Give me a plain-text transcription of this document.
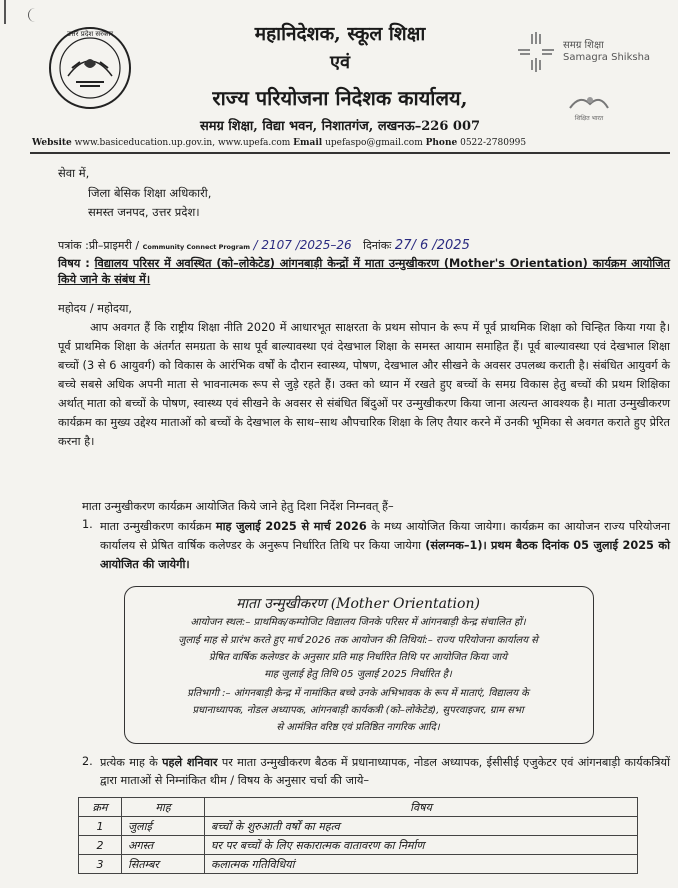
उत्तर प्रदेश सरकार	महानिदेशक, स्कूल शिक्षा
एवं
राज्य परियोजना निदेशक कार्यालय,
समग्र शिक्षा, विद्या भवन, निशातगंज, लखनऊ–226 007
समग्र शिक्षा
Samagra Shiksha
शिक्षित भारत
Website www.basiceducation.up.gov.in, www.upefa.com Email upefaspo@gmail.com Phone 0522-2780995
सेवा में,
जिला बेसिक शिक्षा अधिकारी,
समस्त जनपद, उत्तर प्रदेश।
पत्रांक :प्री–प्राइमरी / Community Connect Program / 2107 /2025–26 दिनांकः 27/ 6 /2025
विषय : विद्यालय परिसर में अवस्थित (को–लोकेटेड) आंगनबाड़ी केन्द्रों में माता उन्मुखीकरण (Mother's Orientation) कार्यक्रम आयोजित किये जाने के संबंध में।
महोदय / महोदया,
आप अवगत हैं कि राष्ट्रीय शिक्षा नीति 2020 में आधारभूत साक्षरता के प्रथम सोपान के रूप में पूर्व प्राथमिक शिक्षा को चिन्हित किया गया है। पूर्व प्राथमिक शिक्षा के अंतर्गत समग्रता के साथ पूर्व बाल्यावस्था एवं देखभाल शिक्षा के समस्त आयाम समाहित हैं। पूर्व बाल्यावस्था एवं देखभाल शिक्षा बच्चों (3 से 6 आयुवर्ग) को विकास के आरंभिक वर्षों के दौरान स्वास्थ्य, पोषण, देखभाल और सीखने के अवसर उपलब्ध कराती है। संबंधित आयुवर्ग के बच्चे सबसे अधिक अपनी माता से भावनात्मक रूप से जुड़े रहते हैं। उक्त को ध्यान में रखते हुए बच्चों के समग्र विकास हेतु बच्चों की प्रथम शिक्षिका अर्थात् माता को बच्चों के पोषण, स्वास्थ्य एवं सीखने के अवसर से संबंधित बिंदुओं पर उन्मुखीकरण किया जाना अत्यन्त आवश्यक है। माता उन्मुखीकरण कार्यक्रम का मुख्य उद्देश्य माताओं को बच्चों के देखभाल के साथ–साथ औपचारिक शिक्षा के लिए तैयार करने में उनकी भूमिका से अवगत कराते हुए प्रेरित करना है।
माता उन्मुखीकरण कार्यक्रम आयोजित किये जाने हेतु दिशा निर्देश निम्नवत् हैं–
माता उन्मुखीकरण कार्यक्रम माह जुलाई 2025 से मार्च 2026 के मध्य आयोजित किया जायेगा। कार्यक्रम का आयोजन राज्य परियोजना कार्यालय से प्रेषित वार्षिक कलेण्डर के अनुरूप निर्धारित तिथि पर किया जायेगा (संलग्नक–1)। प्रथम बैठक दिनांक 05 जुलाई 2025 को आयोजित की जायेगी।
1.
माता उन्मुखीकरण (Mother Orientation)
आयोजन स्थल:– प्राथमिक/कम्पोजिट विद्यालय जिनके परिसर में आंगनबाड़ी केन्द्र संचालित हों।
जुलाई माह से प्रारंभ करते हुए मार्च 2026 तक आयोजन की तिथियां:– राज्य परियोजना कार्यालय से
प्रेषित वार्षिक कलेण्डर के अनुसार प्रति माह निर्धारित तिथि पर आयोजित किया जाये
माह जुलाई हेतु तिथि 05 जुलाई 2025 निर्धारित है।
प्रतिभागी :– आंगनबाड़ी केन्द्र में नामांकित बच्चे उनके अभिभावक के रूप में माताएं, विद्यालय के
प्रधानाध्यापक, नोडल अध्यापक, आंगनबाड़ी कार्यकत्री (को–लोकेटेड), सुपरवाइजर, ग्राम सभा
से आमंत्रित वरिष्ठ एवं प्रतिष्ठित नागरिक आदि।
2. प्रत्येक माह के पहले शनिवार पर माता उन्मुखीकरण बैठक में प्रधानाध्यापक, नोडल अध्यापक, ईसीसीई एजुकेटर एवं आंगनबाड़ी कार्यकत्रियों द्वारा माताओं से निम्नांकित थीम / विषय के अनुसार चर्चा की जाये–
क्रम	माह	विषय
1	जुलाई	बच्चों के शुरुआती वर्षों का महत्व
2	अगस्त	घर पर बच्चों के लिए सकारात्मक वातावरण का निर्माण
3	सितम्बर	कलात्मक गतिविधियां
